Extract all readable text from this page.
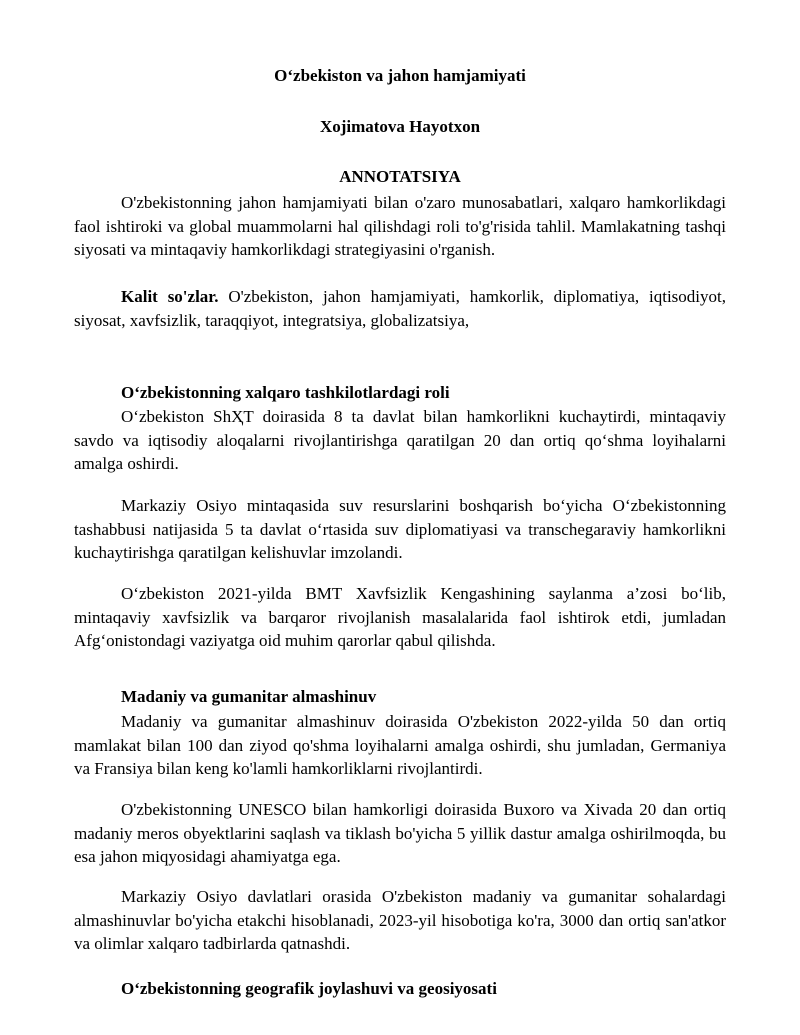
O‘zbekiston va jahon hamjamiyati
Xojimatova Hayotxon
ANNOTATSIYA

O'zbekistonning jahon hamjamiyati bilan o'zaro munosabatlari, xalqaro hamkorlikdagi faol ishtiroki va global muammolarni hal qilishdagi roli to'g'risida tahlil. Mamlakatning tashqi siyosati va mintaqaviy hamkorlikdagi strategiyasini o'rganish.

Kalit so'zlar. O'zbekiston, jahon hamjamiyati, hamkorlik, diplomatiya, iqtisodiyot, siyosat, xavfsizlik, taraqqiyot, integratsiya, globalizatsiya,

O‘zbekistonning xalqaro tashkilotlardagi roli

O‘zbekiston ShҲT doirasida 8 ta davlat bilan hamkorlikni kuchaytirdi, mintaqaviy savdo va iqtisodiy aloqalarni rivojlantirishga qaratilgan 20 dan ortiq qo‘shma loyihalarni amalga oshirdi.

Markaziy Osiyo mintaqasida suv resurslarini boshqarish bo‘yicha O‘zbekistonning tashabbusi natijasida 5 ta davlat o‘rtasida suv diplomatiyasi va transchegaraviy hamkorlikni kuchaytirishga qaratilgan kelishuvlar imzolandi.

O‘zbekiston 2021-yilda BMT Xavfsizlik Kengashining saylanma a’zosi bo‘lib, mintaqaviy xavfsizlik va barqaror rivojlanish masalalarida faol ishtirok etdi, jumladan Afg‘onistondagi vaziyatga oid muhim qarorlar qabul qilishda.

Madaniy va gumanitar almashinuv

Madaniy va gumanitar almashinuv doirasida O'zbekiston 2022-yilda 50 dan ortiq mamlakat bilan 100 dan ziyod qo'shma loyihalarni amalga oshirdi, shu jumladan, Germaniya va Fransiya bilan keng ko'lamli hamkorliklarni rivojlantirdi.

O'zbekistonning UNESCO bilan hamkorligi doirasida Buxoro va Xivada 20 dan ortiq madaniy meros obyektlarini saqlash va tiklash bo'yicha 5 yillik dastur amalga oshirilmoqda, bu esa jahon miqyosidagi ahamiyatga ega.

Markaziy Osiyo davlatlari orasida O'zbekiston madaniy va gumanitar sohalardagi almashinuvlar bo'yicha etakchi hisoblanadi, 2023-yil hisobotiga ko'ra, 3000 dan ortiq san'atkor va olimlar xalqaro tadbirlarda qatnashdi.

O‘zbekistonning geografik joylashuvi va geosiyosati
